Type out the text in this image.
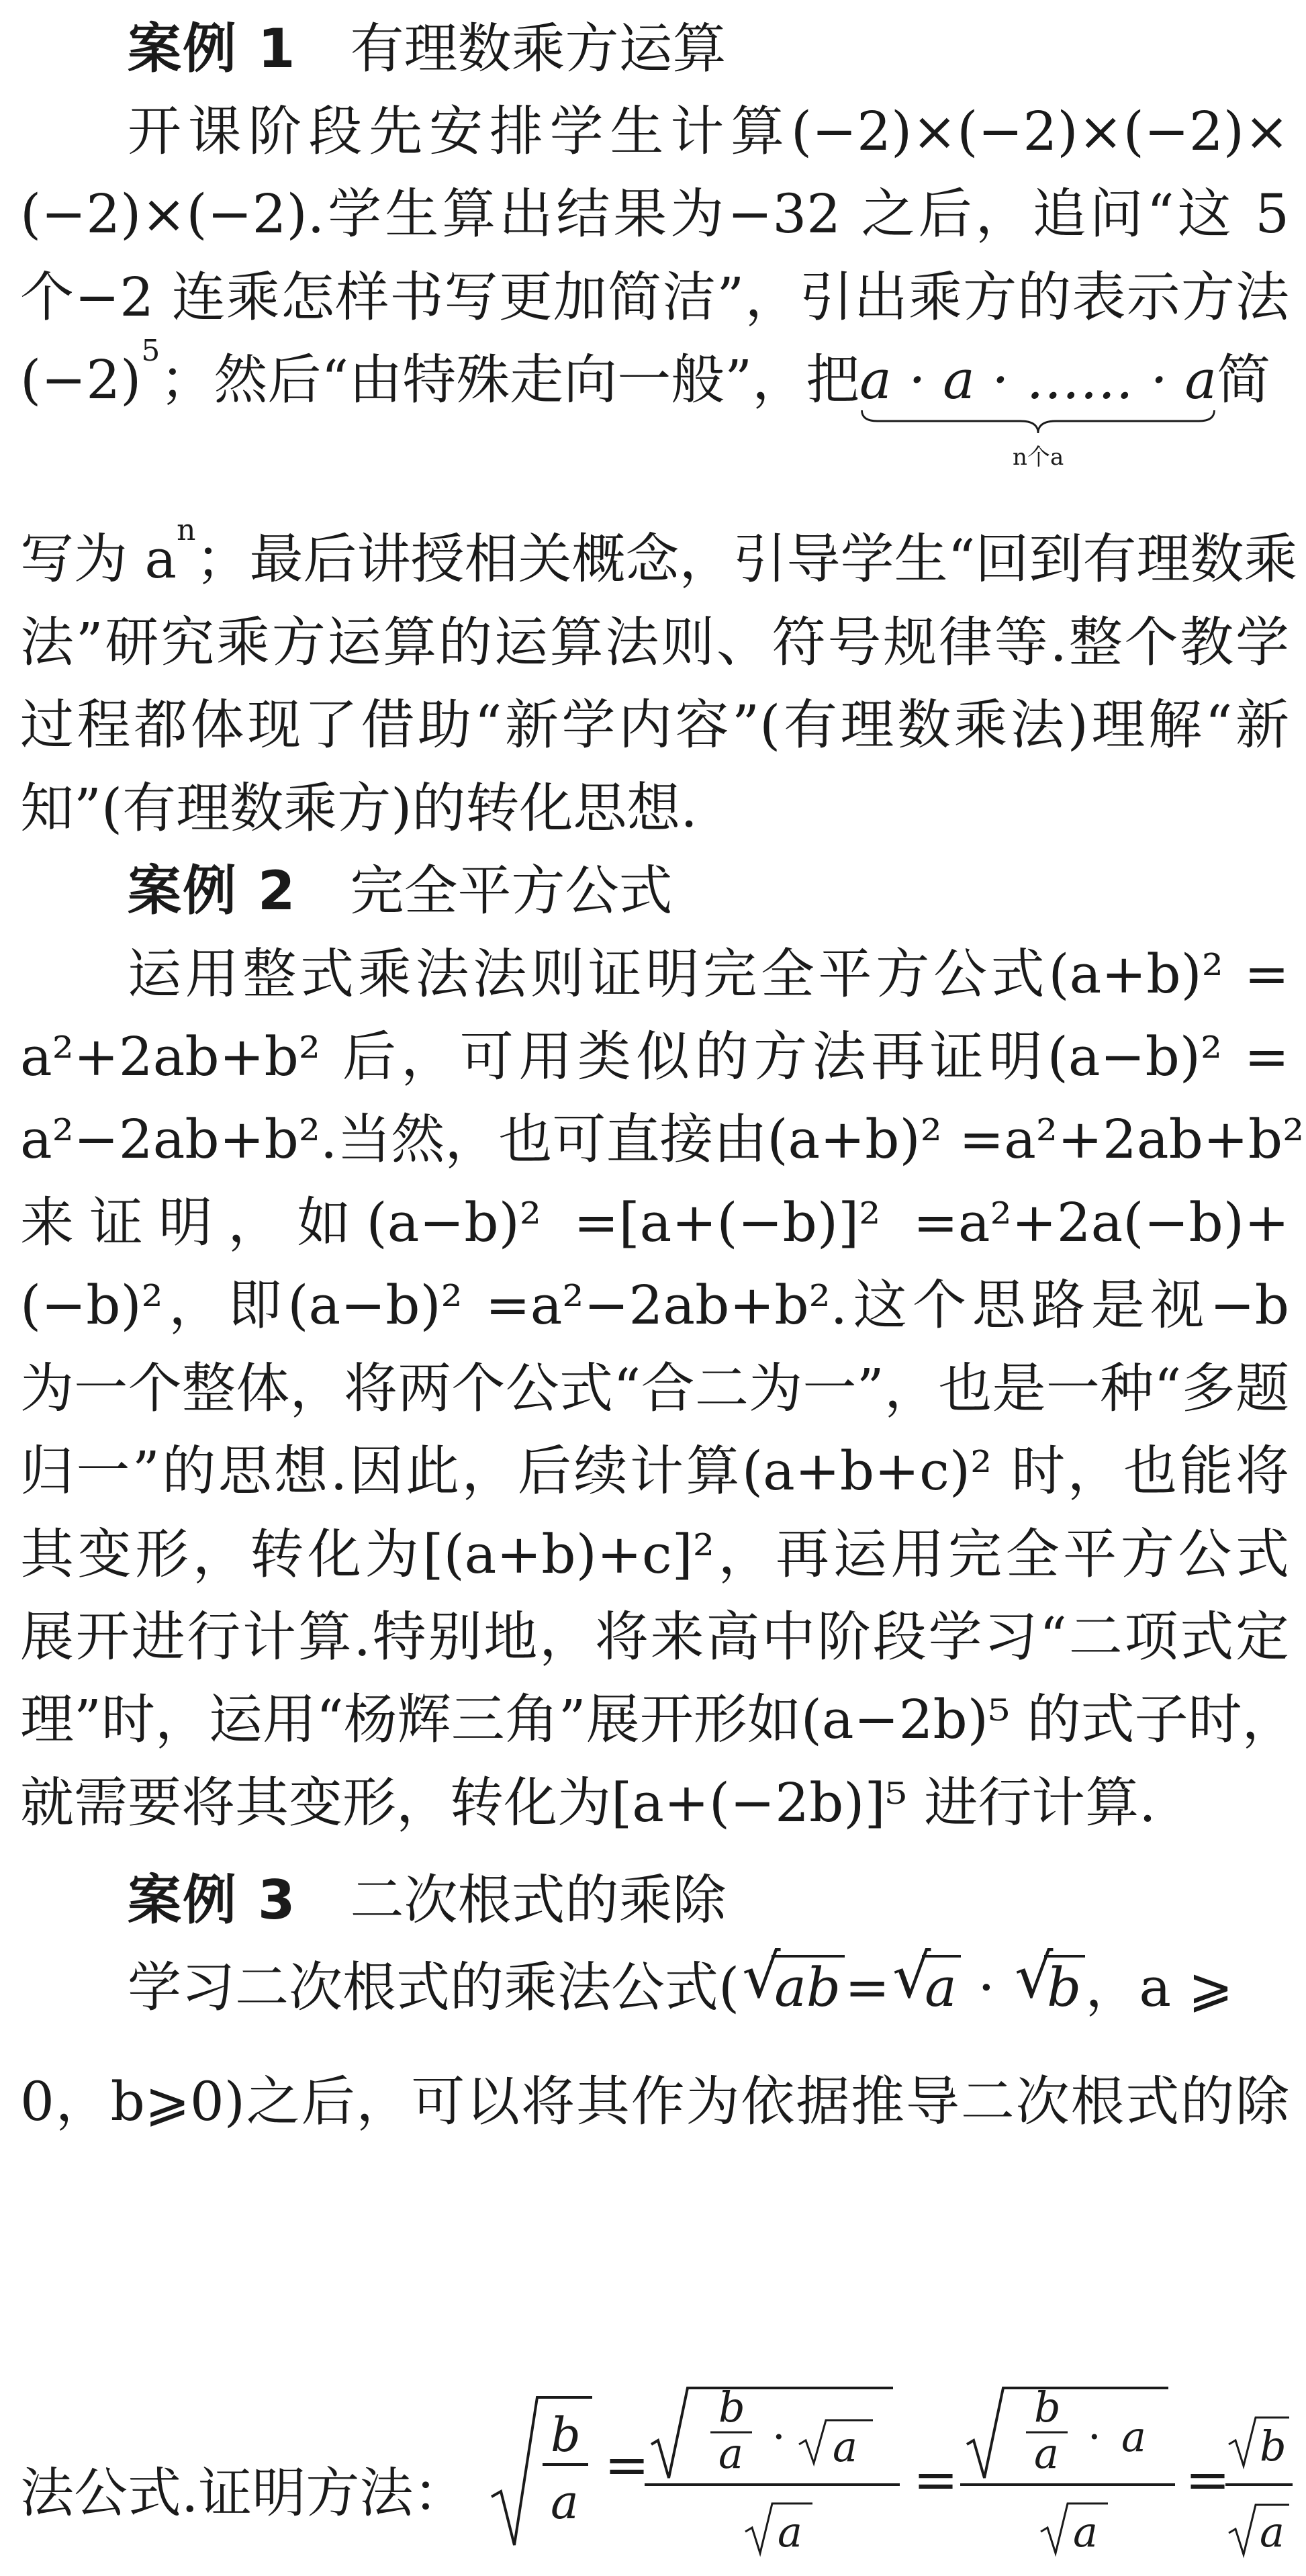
案例 1 有理数乘方运算
开课阶段先安排学生计算(−2)×(−2)×(−2)×
(−2)×(−2).学生算出结果为−32 之后，追问“这 5
个−2 连乘怎样书写更加简洁”，引出乘方的表示方法
$(-2)^5$；然后“由特殊走向一般”，把a · a · …… · a
n个a
简
写为 $a^n$；最后讲授相关概念，引导学生“回到有理数乘
法”研究乘方运算的运算法则、符号规律等.整个教学
过程都体现了借助“新学内容”(有理数乘法)理解“新
知”(有理数乘方)的转化思想.
案例 2 完全平方公式
运用整式乘法法则证明完全平方公式(a+b)² =
a²+2ab+b² 后，可用类似的方法再证明(a−b)² =
a²−2ab+b².当然，也可直接由(a+b)² =a²+2ab+b²
来证明，如(a−b)² =[a+(−b)]² =a²+2a(−b)+
(−b)²，即(a−b)² =a²−2ab+b².这个思路是视−b
为一个整体，将两个公式“合二为一”，也是一种“多题
归一”的思想.因此，后续计算(a+b+c)² 时，也能将
其变形，转化为[(a+b)+c]²，再运用完全平方公式
展开进行计算.特别地，将来高中阶段学习“二项式定
理”时，运用“杨辉三角”展开形如(a−2b)⁵ 的式子时，
就需要将其变形，转化为[a+(−2b)]⁵ 进行计算.
案例 3 二次根式的乘除
学习二次根式的乘法公式( √ ab= √ a · √ b，a ⩾
0，b⩾0)之后，可以将其作为依据推导二次根式的除
法公式.证明方法：
b
a
=
b
a · a
a
=
b
a · a
a
=
b
a
